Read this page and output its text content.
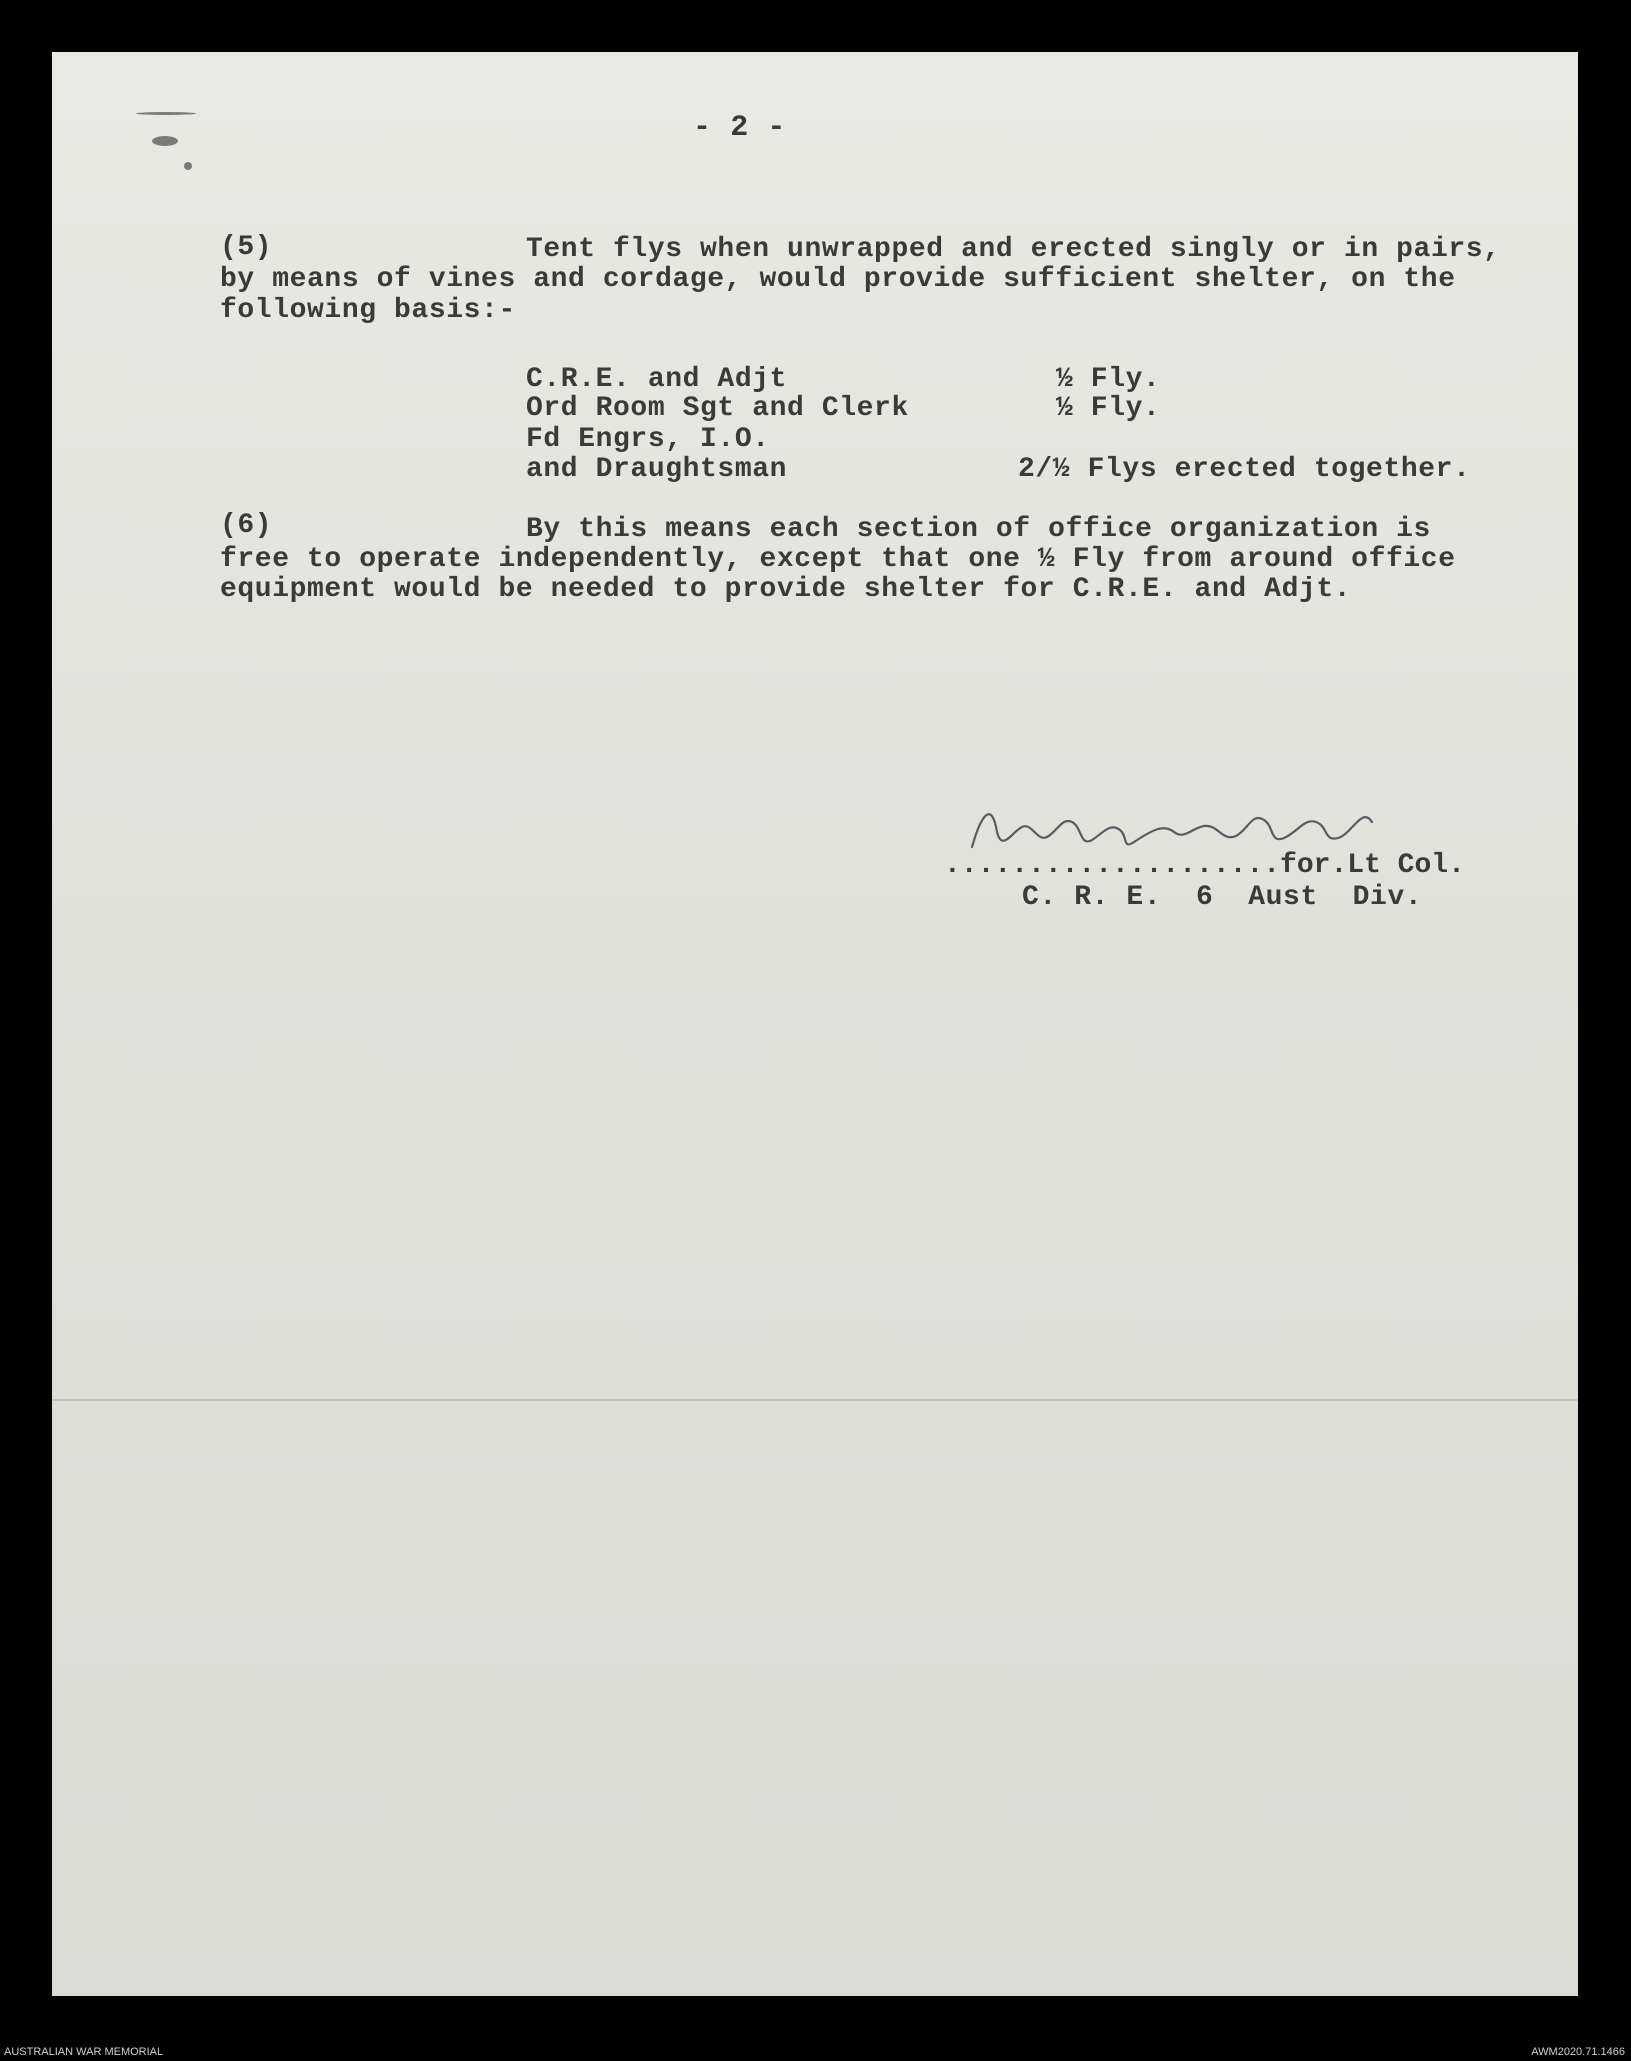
- 2 -
(5)	Tent flys when unwrapped and erected singly or in pairs,
by means of vines and cordage, would provide sufficient shelter, on the
following basis:-
C.R.E. and Adjt	½ Fly.
Ord Room Sgt and Clerk	½ Fly.
Fd Engrs, I.O.
and Draughtsman	2/½ Flys erected together.
(6)	By this means each section of office organization is
free to operate independently, except that one ½ Fly from around office
equipment would be needed to provide shelter for C.R.E. and Adjt.
....................for.Lt Col.
C. R. E.  6  Aust  Div.
AUSTRALIAN WAR MEMORIAL	AWM2020.71.1466
